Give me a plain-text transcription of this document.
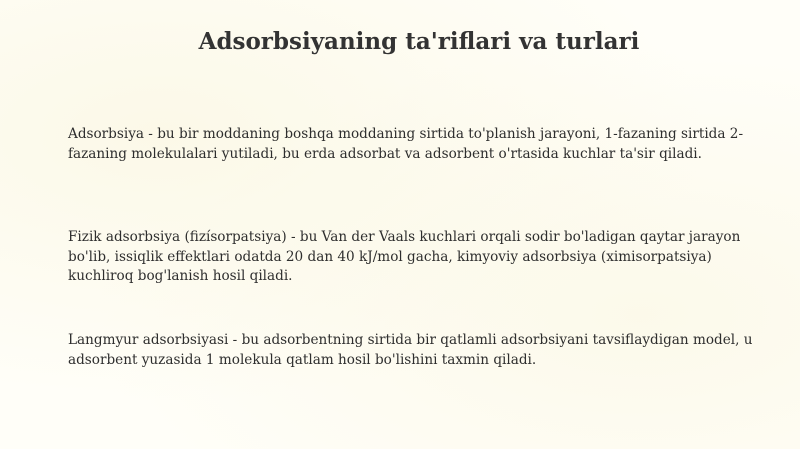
Adsorbsiyaning ta'riflari va turlari

Adsorbsiya - bu bir moddaning boshqa moddaning sirtida to'planish jarayoni, 1-fazaning sirtida 2-fazaning molekulalari yutiladi, bu erda adsorbat va adsorbent o'rtasida kuchlar ta'sir qiladi.

Fizik adsorbsiya (fizísorpatsiya) - bu Van der Vaals kuchlari orqali sodir bo'ladigan qaytar jarayon bo'lib, issiqlik effektlari odatda 20 dan 40 kJ/mol gacha, kimyoviy adsorbsiya (ximisorpatsiya) kuchliroq bog'lanish hosil qiladi.

Langmyur adsorbsiyasi - bu adsorbentning sirtida bir qatlamli adsorbsiyani tavsiflaydigan model, u adsorbent yuzasida 1 molekula qatlam hosil bo'lishini taxmin qiladi.
